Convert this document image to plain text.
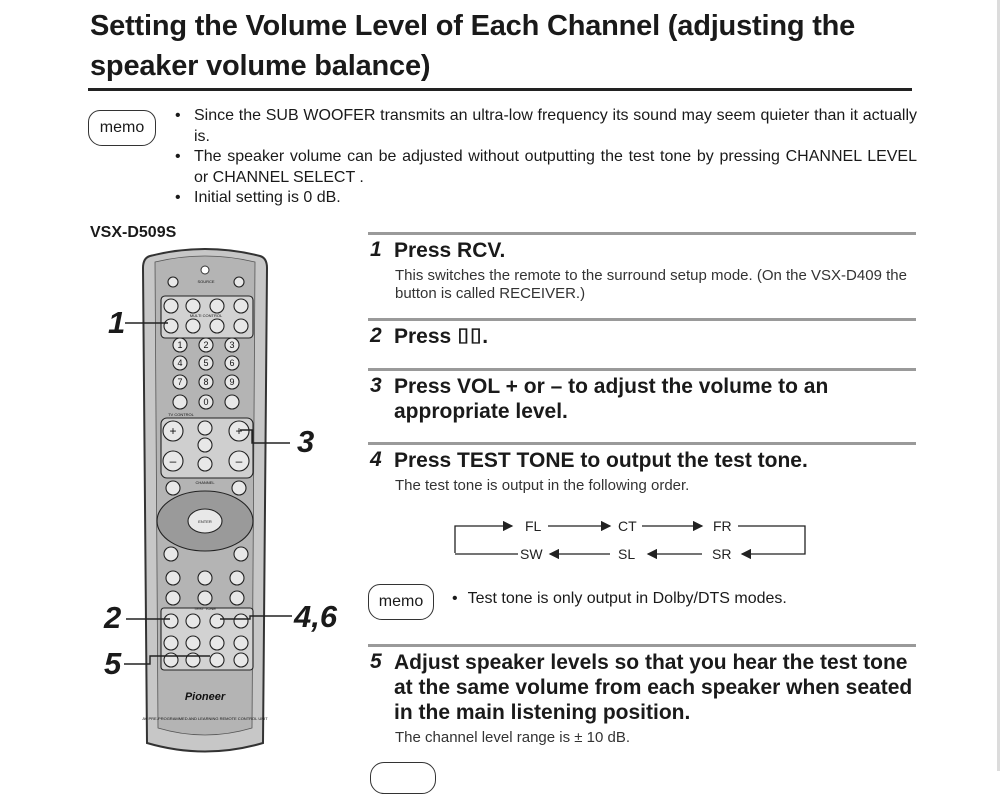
Setting the Volume Level of Each Channel (adjusting the speaker volume balance)
memo
• Since the SUB WOOFER transmits an ultra-low frequency its sound may seem quieter than it actually is.
• The speaker volume can be adjusted without outputting the test tone by pressing CHANNEL LEVEL or CHANNEL SELECT .
• Initial setting is 0 dB.
VSX-D509S
1 Press RCV.
This switches the remote to the surround setup mode. (On the VSX-D409 the button is called RECEIVER.)
2 Press ⌷⌷.
3 Press VOL + or – to adjust the volume to an appropriate level.
4 Press TEST TONE to output the test tone.
The test tone is output in the following order.
FL	CT	FR
SW	SL	SR
memo
•	Test tone is only output in Dolby/DTS modes.
5 Adjust speaker levels so that you hear the test tone at the same volume from each speaker when seated in the main listening position.
The channel level range is ± 10 dB.
1 2 3
4 5 6
7 8 9
0
+	+
–	–
SOURCE
MULTI CONTROL
TV CONTROL
CHANNEL
ENTER
TEST TONE
AV PRE-PROGRAMMED AND LEARNING REMOTE CONTROL UNIT
Pioneer
1
3
2	4,6
5
